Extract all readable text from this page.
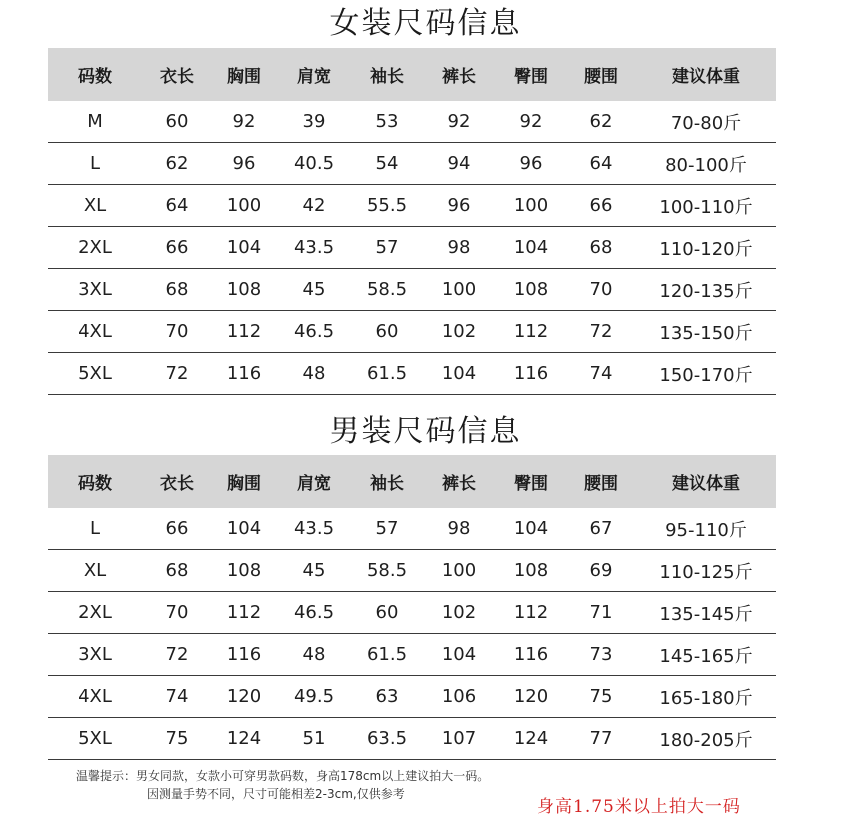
女装尺码信息
码数	衣长	胸围	肩宽	袖长	裤长	臀围	腰围	建议体重
M	60	92	39	53	92	92	62	70-80斤
L	62	96	40.5	54	94	96	64	80-100斤
XL	64	100	42	55.5	96	100	66	100-110斤
2XL	66	104	43.5	57	98	104	68	110-120斤
3XL	68	108	45	58.5	100	108	70	120-135斤
4XL	70	112	46.5	60	102	112	72	135-150斤
5XL	72	116	48	61.5	104	116	74	150-170斤
男装尺码信息
码数	衣长	胸围	肩宽	袖长	裤长	臀围	腰围	建议体重
L	66	104	43.5	57	98	104	67	95-110斤
XL	68	108	45	58.5	100	108	69	110-125斤
2XL	70	112	46.5	60	102	112	71	135-145斤
3XL	72	116	48	61.5	104	116	73	145-165斤
4XL	74	120	49.5	63	106	120	75	165-180斤
5XL	75	124	51	63.5	107	124	77	180-205斤
温馨提示：男女同款，女款小可穿男款码数，身高178cm以上建议拍大一码。
因测量手势不同，尺寸可能相差2-3cm,仅供参考
身高1.75米以上拍大一码
